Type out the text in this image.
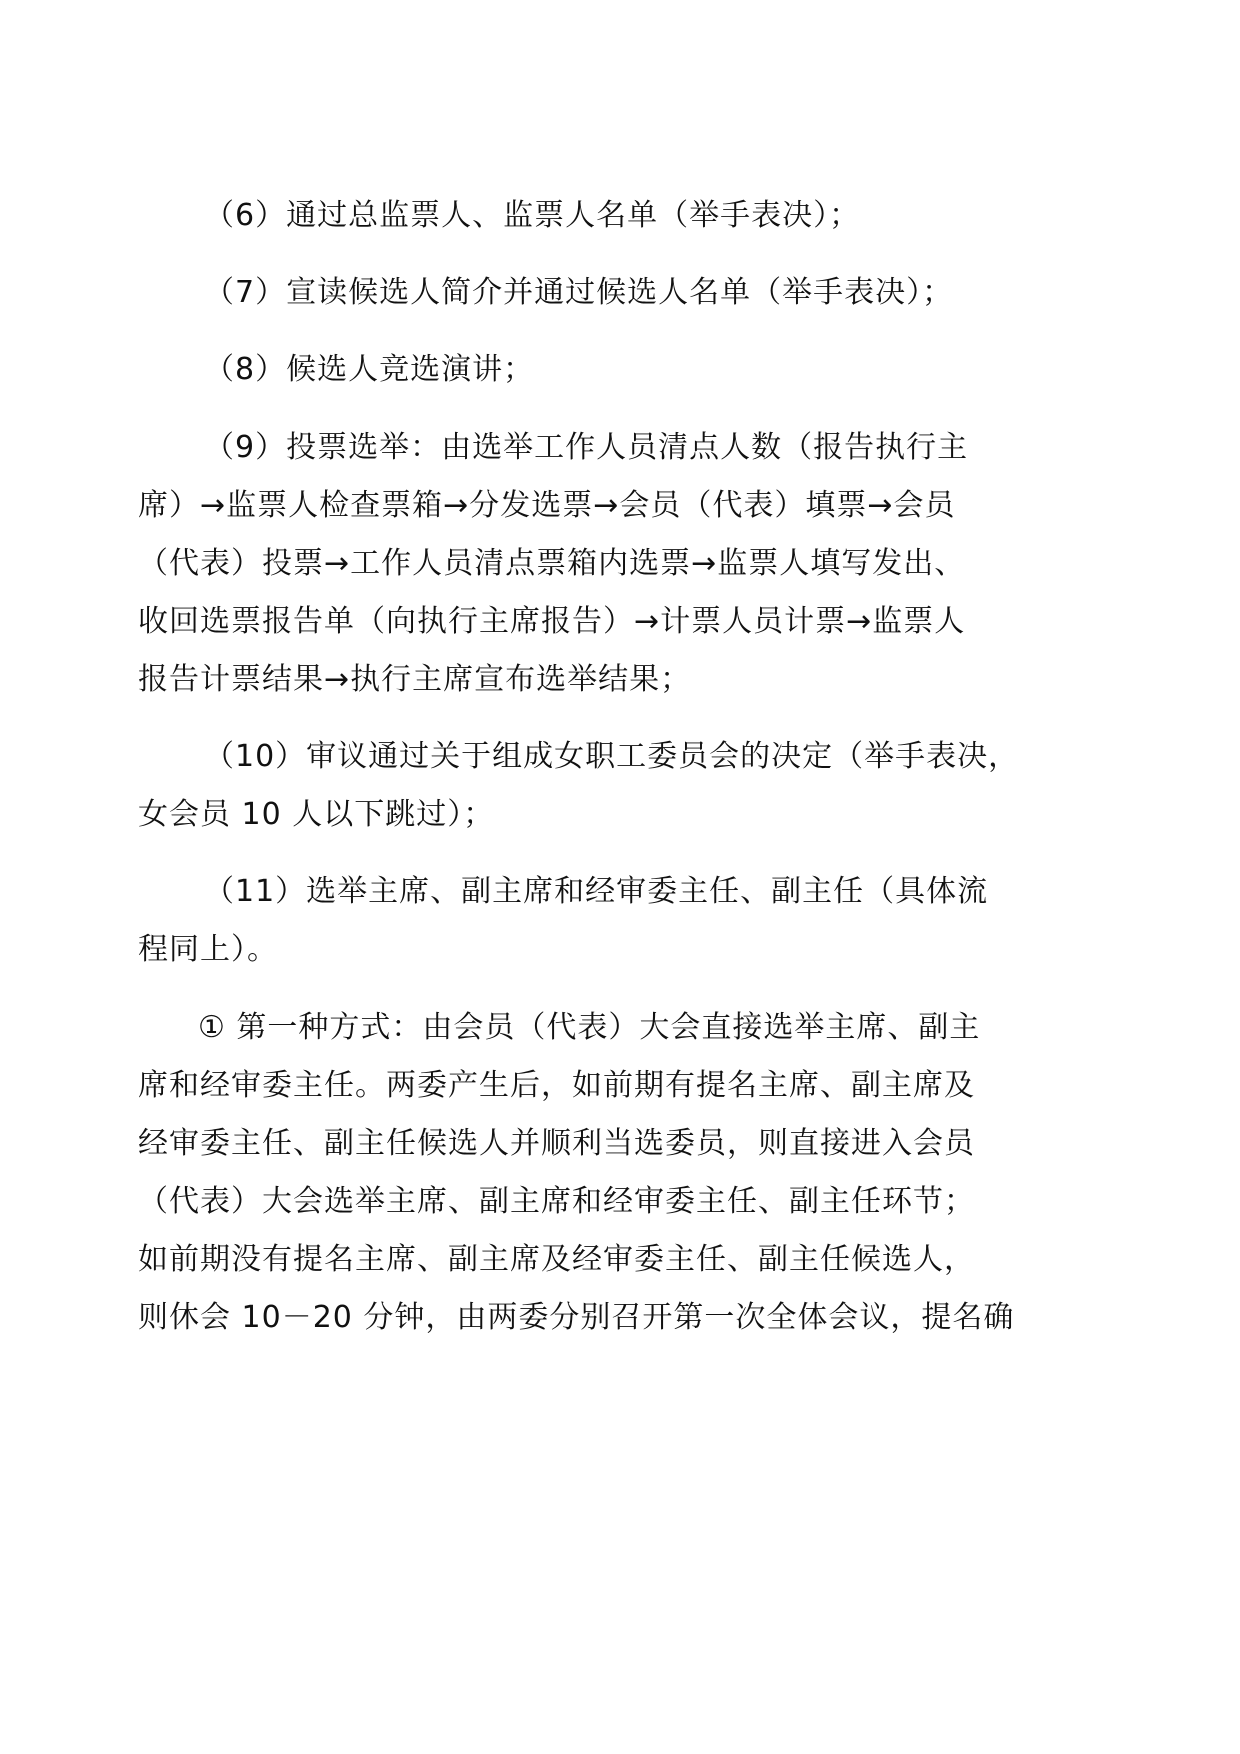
（6）通过总监票人、监票人名单（举手表决）；

（7）宣读候选人简介并通过候选人名单（举手表决）；

（8）候选人竞选演讲；

（9）投票选举：由选举工作人员清点人数（报告执行主

席）→监票人检查票箱→分发选票→会员（代表）填票→会员

（代表）投票→工作人员清点票箱内选票→监票人填写发出、

收回选票报告单（向执行主席报告）→计票人员计票→监票人

报告计票结果→执行主席宣布选举结果；

（10）审议通过关于组成女职工委员会的决定（举手表决，

女会员 10 人以下跳过）；

（11）选举主席、副主席和经审委主任、副主任（具体流

程同上）。

① 第一种方式：由会员（代表）大会直接选举主席、副主

席和经审委主任。两委产生后，如前期有提名主席、副主席及

经审委主任、副主任候选人并顺利当选委员，则直接进入会员

（代表）大会选举主席、副主席和经审委主任、副主任环节；

如前期没有提名主席、副主席及经审委主任、副主任候选人，

则休会 10－20 分钟，由两委分别召开第一次全体会议，提名确
